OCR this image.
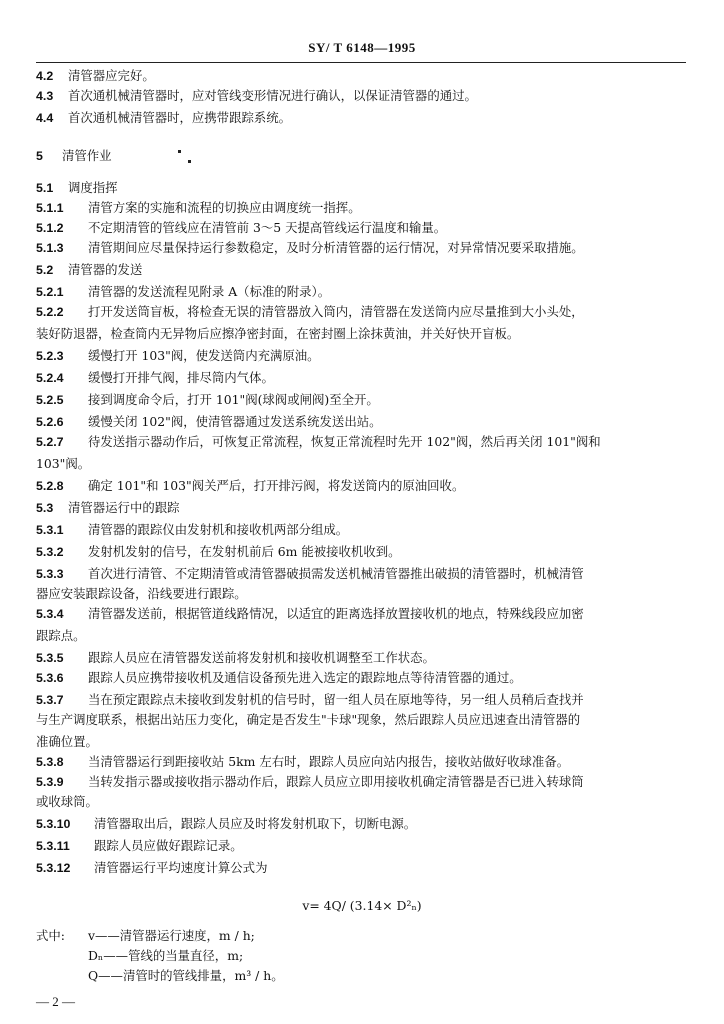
SY/ T 6148—1995
4.2 清管器应完好。
4.3 首次通机械清管器时，应对管线变形情况进行确认，以保证清管器的通过。
4.4 首次通机械清管器时，应携带跟踪系统。
5 清管作业
5.1 调度指挥
5.1.1 清管方案的实施和流程的切换应由调度统一指挥。
5.1.2 不定期清管的管线应在清管前 3～5 天提高管线运行温度和输量。
5.1.3 清管期间应尽量保持运行参数稳定，及时分析清管器的运行情况，对异常情况要采取措施。
5.2 清管器的发送
5.2.1 清管器的发送流程见附录 A（标准的附录）。
5.2.2 打开发送筒盲板，将检查无误的清管器放入筒内，清管器在发送筒内应尽量推到大小头处，
装好防退器，检查筒内无异物后应擦净密封面，在密封圈上涂抹黄油，并关好快开盲板。
5.2.3 缓慢打开 103"阀，使发送筒内充满原油。
5.2.4 缓慢打开排气阀，排尽筒内气体。
5.2.5 接到调度命令后，打开 101"阀(球阀或闸阀)至全开。
5.2.6 缓慢关闭 102"阀，使清管器通过发送系统发送出站。
5.2.7 待发送指示器动作后，可恢复正常流程，恢复正常流程时先开 102"阀，然后再关闭 101"阀和
103"阀。
5.2.8 确定 101"和 103"阀关严后，打开排污阀，将发送筒内的原油回收。
5.3 清管器运行中的跟踪
5.3.1 清管器的跟踪仪由发射机和接收机两部分组成。
5.3.2 发射机发射的信号，在发射机前后 6m 能被接收机收到。
5.3.3 首次进行清管、不定期清管或清管器破损需发送机械清管器推出破损的清管器时，机械清管
器应安装跟踪设备，沿线要进行跟踪。
5.3.4 清管器发送前，根据管道线路情况，以适宜的距离选择放置接收机的地点，特殊线段应加密
跟踪点。
5.3.5 跟踪人员应在清管器发送前将发射机和接收机调整至工作状态。
5.3.6 跟踪人员应携带接收机及通信设备预先进入选定的跟踪地点等待清管器的通过。
5.3.7 当在预定跟踪点未接收到发射机的信号时，留一组人员在原地等待，另一组人员稍后查找并
与生产调度联系，根据出站压力变化，确定是否发生"卡球"现象，然后跟踪人员应迅速查出清管器的
准确位置。
5.3.8 当清管器运行到距接收站 5km 左右时，跟踪人员应向站内报告，接收站做好收球准备。
5.3.9 当转发指示器或接收指示器动作后，跟踪人员应立即用接收机确定清管器是否已进入转球筒
或收球筒。
5.3.10 清管器取出后，跟踪人员应及时将发射机取下，切断电源。
5.3.11 跟踪人员应做好跟踪记录。
5.3.12 清管器运行平均速度计算公式为
v= 4Q/ (3.14× D²ₙ)
式中: v——清管器运行速度，m / h;
Dₙ——管线的当量直径，m;
Q——清管时的管线排量，m³ / h。
— 2 —
